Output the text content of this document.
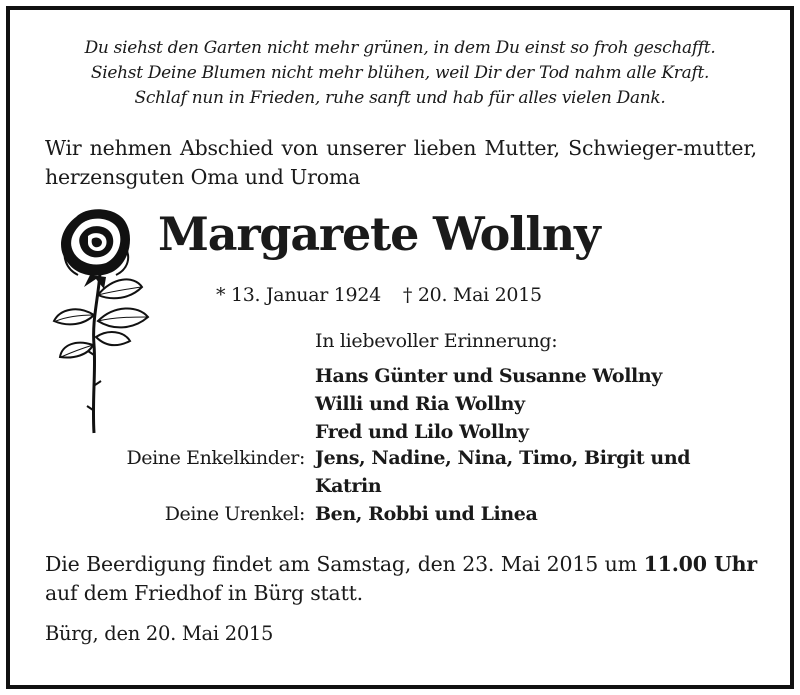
Du siehst den Garten nicht mehr grünen, in dem Du einst so froh geschafft.
Siehst Deine Blumen nicht mehr blühen, weil Dir der Tod nahm alle Kraft.
Schlaf nun in Frieden, ruhe sanft und hab für alles vielen Dank.
Wir nehmen Abschied von unserer lieben Mutter, Schwieger-mutter, herzensguten Oma und Uroma
Margarete Wollny
* 13. Januar 1924 † 20. Mai 2015
In liebevoller Erinnerung:
Hans Günter und Susanne Wollny
Willi und Ria Wollny
Fred und Lilo Wollny
Deine Enkelkinder: Jens, Nadine, Nina, Timo, Birgit und
Katrin
Deine Urenkel: Ben, Robbi und Linea
Die Beerdigung findet am Samstag, den 23. Mai 2015 um 11.00 Uhr auf dem Friedhof in Bürg statt.
Bürg, den 20. Mai 2015
